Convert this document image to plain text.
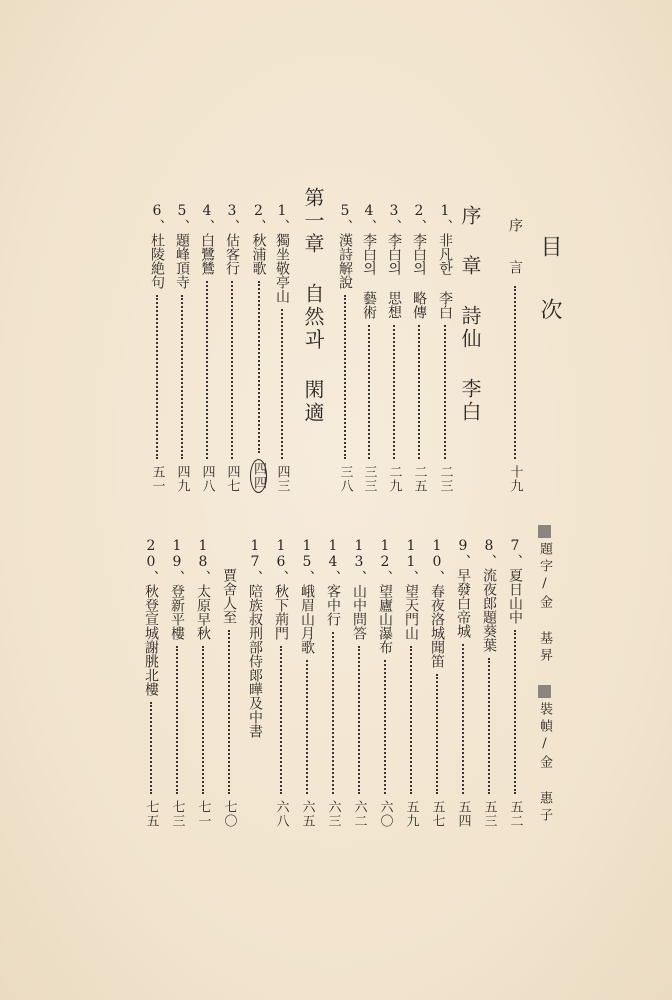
目 次
序 言
十九
序 章 詩仙 李白
1、
非凡한 李白
二三
2、
李白의 略傳
二五
3、
李白의 思想
二九
4、
李白의 藝術
三三
5、
漢詩解說
三八
第一章 自然과 閑適
1、
獨坐敬亭山
四三
2、
秋浦歌
四四
3、
估客行
四七
4、
白鷺鷥
四八
5、
題峰頂寺
四九
6、
杜陵絶句
五一
題字/金 基昇
裝幀/金 惠子
7、
夏日山中
五二
8、
流夜郎題葵葉
五三
9、
早發白帝城
五四
10、
春夜洛城聞笛
五七
11、
望天門山
五九
12、
望廬山瀑布
六〇
13、
山中問答
六二
14、
客中行
六三
15、
峨眉山月歌
六五
16、
秋下荊門
六八
17、
陪族叔刑部侍郞曄及中書
賈舍人至
七〇
18、
太原早秋
七一
19、
登新平樓
七三
20、
秋登宣城謝朓北樓
七五
